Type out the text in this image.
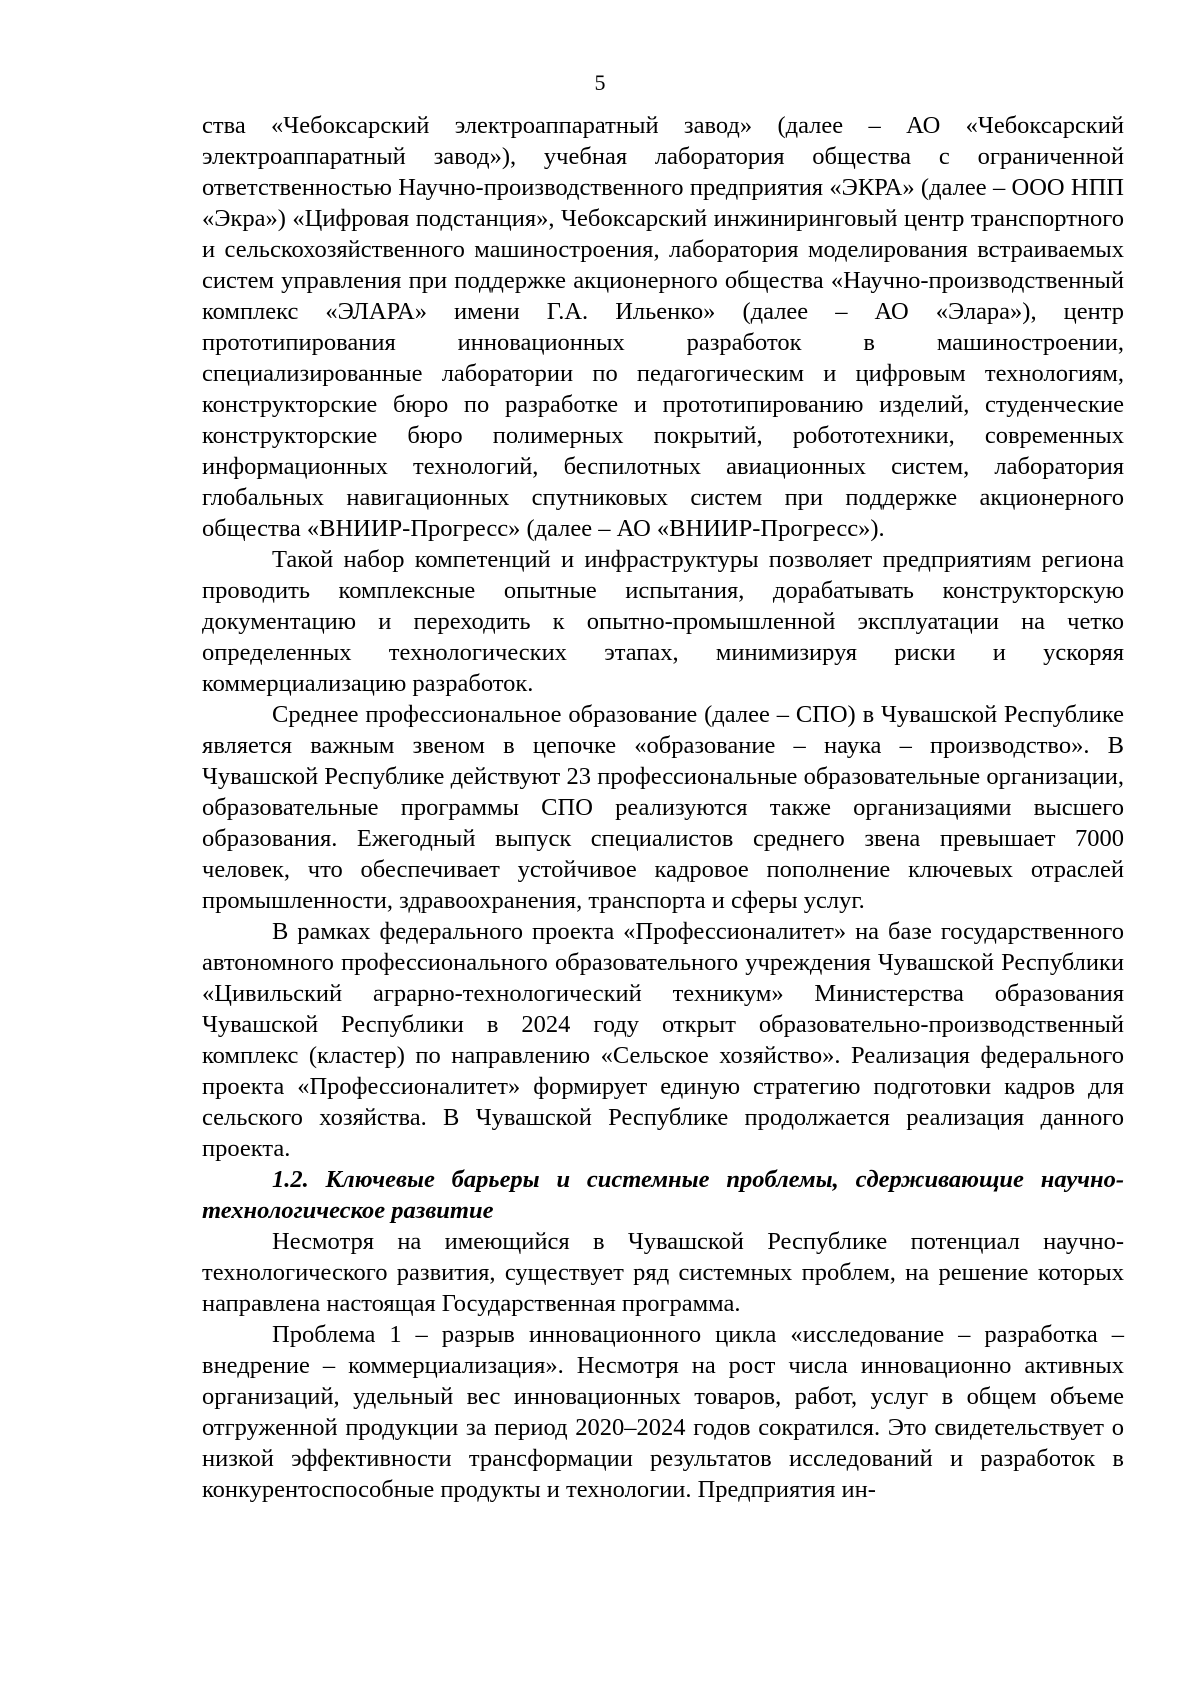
5

ства «Чебоксарский электроаппаратный завод» (далее – АО «Чебоксарский электроаппаратный завод»), учебная лаборатория общества с ограниченной ответственностью Научно-производственного предприятия «ЭКРА» (далее – ООО НПП «Экра») «Цифровая подстанция», Чебоксарский инжиниринговый центр транспортного и сельскохозяйственного машиностроения, лаборатория моделирования встраиваемых систем управления при поддержке акционерного общества «Научно-производственный комплекс «ЭЛАРА» имени Г.А. Ильенко» (далее – АО «Элара»), центр прототипирования инновационных разработок в машиностроении, специализированные лаборатории по педагогическим и цифровым технологиям, конструкторские бюро по разработке и прототипированию изделий, студенческие конструкторские бюро полимерных покрытий, робототехники, современных информационных технологий, беспилотных авиационных систем, лаборатория глобальных навигационных спутниковых систем при поддержке акционерного общества «ВНИИР-Прогресс» (далее – АО «ВНИИР-Прогресс»).

Такой набор компетенций и инфраструктуры позволяет предприятиям региона проводить комплексные опытные испытания, дорабатывать конструкторскую документацию и переходить к опытно-промышленной эксплуатации на четко определенных технологических этапах, минимизируя риски и ускоряя коммерциализацию разработок.

Среднее профессиональное образование (далее – СПО) в Чувашской Республике является важным звеном в цепочке «образование – наука – производство». В Чувашской Республике действуют 23 профессиональные образовательные организации, образовательные программы СПО реализуются также организациями высшего образования. Ежегодный выпуск специалистов среднего звена превышает 7000 человек, что обеспечивает устойчивое кадровое пополнение ключевых отраслей промышленности, здравоохранения, транспорта и сферы услуг.

В рамках федерального проекта «Профессионалитет» на базе государственного автономного профессионального образовательного учреждения Чувашской Республики «Цивильский аграрно-технологический техникум» Министерства образования Чувашской Республики в 2024 году открыт образовательно-производственный комплекс (кластер) по направлению «Сельское хозяйство». Реализация федерального проекта «Профессионалитет» формирует единую стратегию подготовки кадров для сельского хозяйства. В Чувашской Республике продолжается реализация данного проекта.

1.2. Ключевые барьеры и системные проблемы, сдерживающие научно-технологическое развитие

Несмотря на имеющийся в Чувашской Республике потенциал научно-технологического развития, существует ряд системных проблем, на решение которых направлена настоящая Государственная программа.

Проблема 1 – разрыв инновационного цикла «исследование – разработка – внедрение – коммерциализация». Несмотря на рост числа инновационно активных организаций, удельный вес инновационных товаров, работ, услуг в общем объеме отгруженной продукции за период 2020–2024 годов сократился. Это свидетельствует о низкой эффективности трансформации результатов исследований и разработок в конкурентоспособные продукты и технологии. Предприятия ин-
